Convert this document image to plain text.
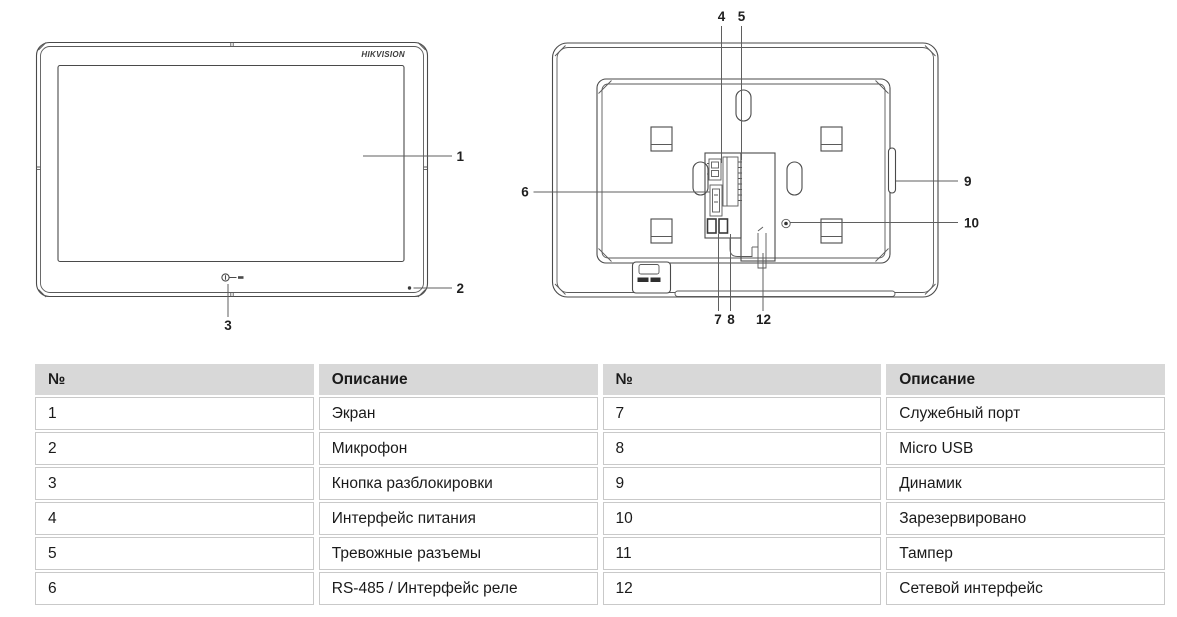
HIKVISION
1
2
3
4 5
6
9
10
7 8 12
№	Описание	№	Описание
1	Экран	7	Служебный порт
2	Микрофон	8	Micro USB
3	Кнопка разблокировки	9	Динамик
4	Интерфейс питания	10	Зарезервировано
5	Тревожные разъемы	11	Тампер
6	RS-485 / Интерфейс реле	12	Сетевой интерфейс
